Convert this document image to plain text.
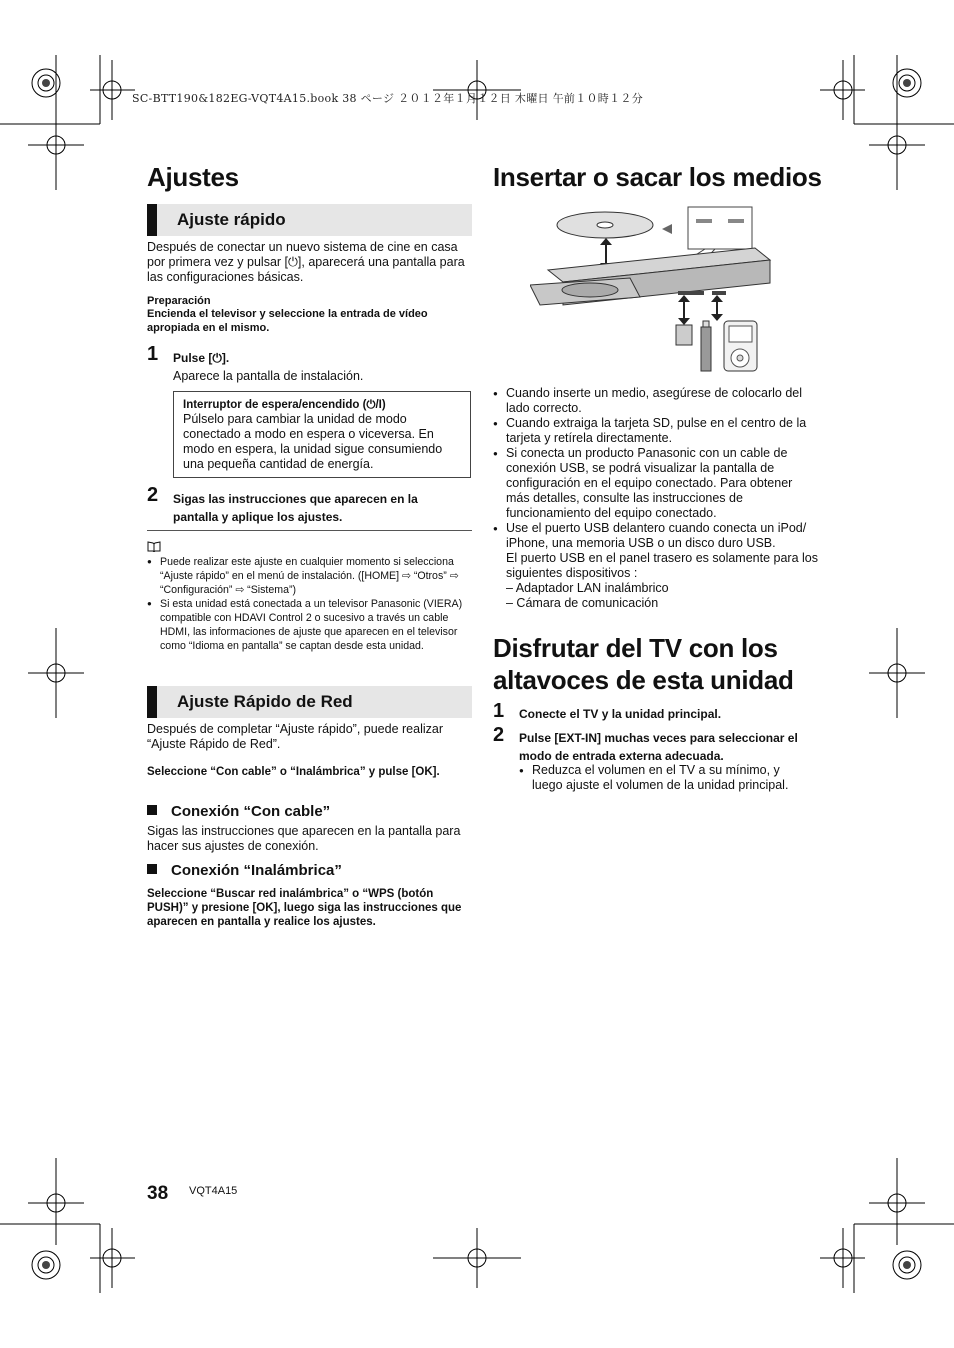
SC-BTT190&182EG-VQT4A15.book 38 ページ ２０１２年１月１２日 木曜日 午前１０時１２分
Ajustes
Ajuste rápido
Después de conectar un nuevo sistema de cine en casa por primera vez y pulsar [⏻], aparecerá una pantalla para las configuraciones básicas.
Preparación
Encienda el televisor y seleccione la entrada de vídeo apropiada en el mismo.
1 Pulse [⏻].
Aparece la pantalla de instalación.
Interruptor de espera/encendido (⏻/I)
Púlselo para cambiar la unidad de modo conectado a modo en espera o viceversa. En modo en espera, la unidad sigue consumiendo una pequeña cantidad de energía.
2 Sigas las instrucciones que aparecen en la pantalla y aplique los ajustes.
● Puede realizar este ajuste en cualquier momento si selecciona “Ajuste rápido” en el menú de instalación. ([HOME] ⇨ “Otros” ⇨ “Configuración” ⇨ “Sistema”)
● Si esta unidad está conectada a un televisor Panasonic (VIERA) compatible con HDAVI Control 2 o sucesivo a través un cable HDMI, las informaciones de ajuste que aparecen en el televisor como “Idioma en pantalla” se captan desde esta unidad.
Ajuste Rápido de Red
Después de completar “Ajuste rápido”, puede realizar “Ajuste Rápido de Red”.
Seleccione “Con cable” o “Inalámbrica” y pulse [OK].
Conexión “Con cable”
Sigas las instrucciones que aparecen en la pantalla para hacer sus ajustes de conexión.
Conexión “Inalámbrica”
Seleccione “Buscar red inalámbrica” o “WPS (botón PUSH)” y presione [OK], luego siga las instrucciones que aparecen en pantalla y realice los ajustes.
Insertar o sacar los medios
● Cuando inserte un medio, asegúrese de colocarlo del lado correcto.
● Cuando extraiga la tarjeta SD, pulse en el centro de la tarjeta y retírela directamente.
● Si conecta un producto Panasonic con un cable de conexión USB, se podrá visualizar la pantalla de configuración en el equipo conectado. Para obtener más detalles, consulte las instrucciones de funcionamiento del equipo conectado.
● Use el puerto USB delantero cuando conecta un iPod/ iPhone, una memoria USB o un disco duro USB.
El puerto USB en el panel trasero es solamente para los siguientes dispositivos :
– Adaptador LAN inalámbrico
– Cámara de comunicación
Disfrutar del TV con los
altavoces de esta unidad
1 Conecte el TV y la unidad principal.
2 Pulse [EXT-IN] muchas veces para seleccionar el modo de entrada externa adecuada.
● Reduzca el volumen en el TV a su mínimo, y luego ajuste el volumen de la unidad principal.
38 VQT4A15
